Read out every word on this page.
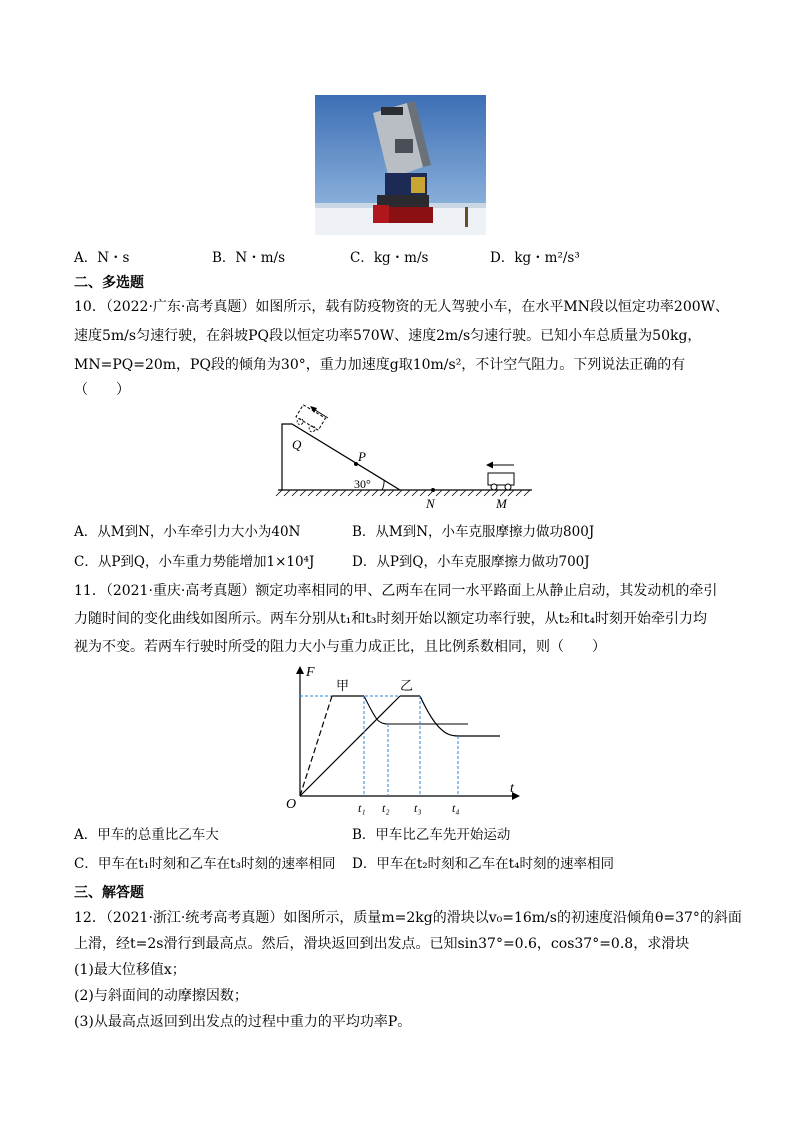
A．N・s	B．N・m/s	C．kg・m/s	D．kg・m²/s³
二、多选题
10．（2022·广东·高考真题）如图所示，载有防疫物资的无人驾驶小车，在水平MN段以恒定功率200W、
速度5m/s匀速行驶，在斜坡PQ段以恒定功率570W、速度2m/s匀速行驶。已知小车总质量为50kg，
MN=PQ=20m，PQ段的倾角为30°，重力加速度g取10m/s²，不计空气阻力。下列说法正确的有
（　　）
Q
P
30°
N	M
A．从M到N，小车牵引力大小为40N	B．从M到N，小车克服摩擦力做功800J
C．从P到Q，小车重力势能增加1×10⁴J	D．从P到Q，小车克服摩擦力做功700J
11．（2021·重庆·高考真题）额定功率相同的甲、乙两车在同一水平路面上从静止启动，其发动机的牵引
力随时间的变化曲线如图所示。两车分别从t₁和t₃时刻开始以额定功率行驶，从t₂和t₄时刻开始牵引力均
视为不变。若两车行驶时所受的阻力大小与重力成正比，且比例系数相同，则（　　）
F
t
O
甲	乙
t₁ t₂ t₃	t₄
A．甲车的总重比乙车大	B．甲车比乙车先开始运动
C．甲车在t₁时刻和乙车在t₃时刻的速率相同 D．甲车在t₂时刻和乙车在t₄时刻的速率相同
三、解答题
12．（2021·浙江·统考高考真题）如图所示，质量m=2kg的滑块以v₀=16m/s的初速度沿倾角θ=37°的斜面
上滑，经t=2s滑行到最高点。然后，滑块返回到出发点。已知sin37°=0.6，cos37°=0.8，求滑块
(1)最大位移值x；
(2)与斜面间的动摩擦因数；
(3)从最高点返回到出发点的过程中重力的平均功率P。
